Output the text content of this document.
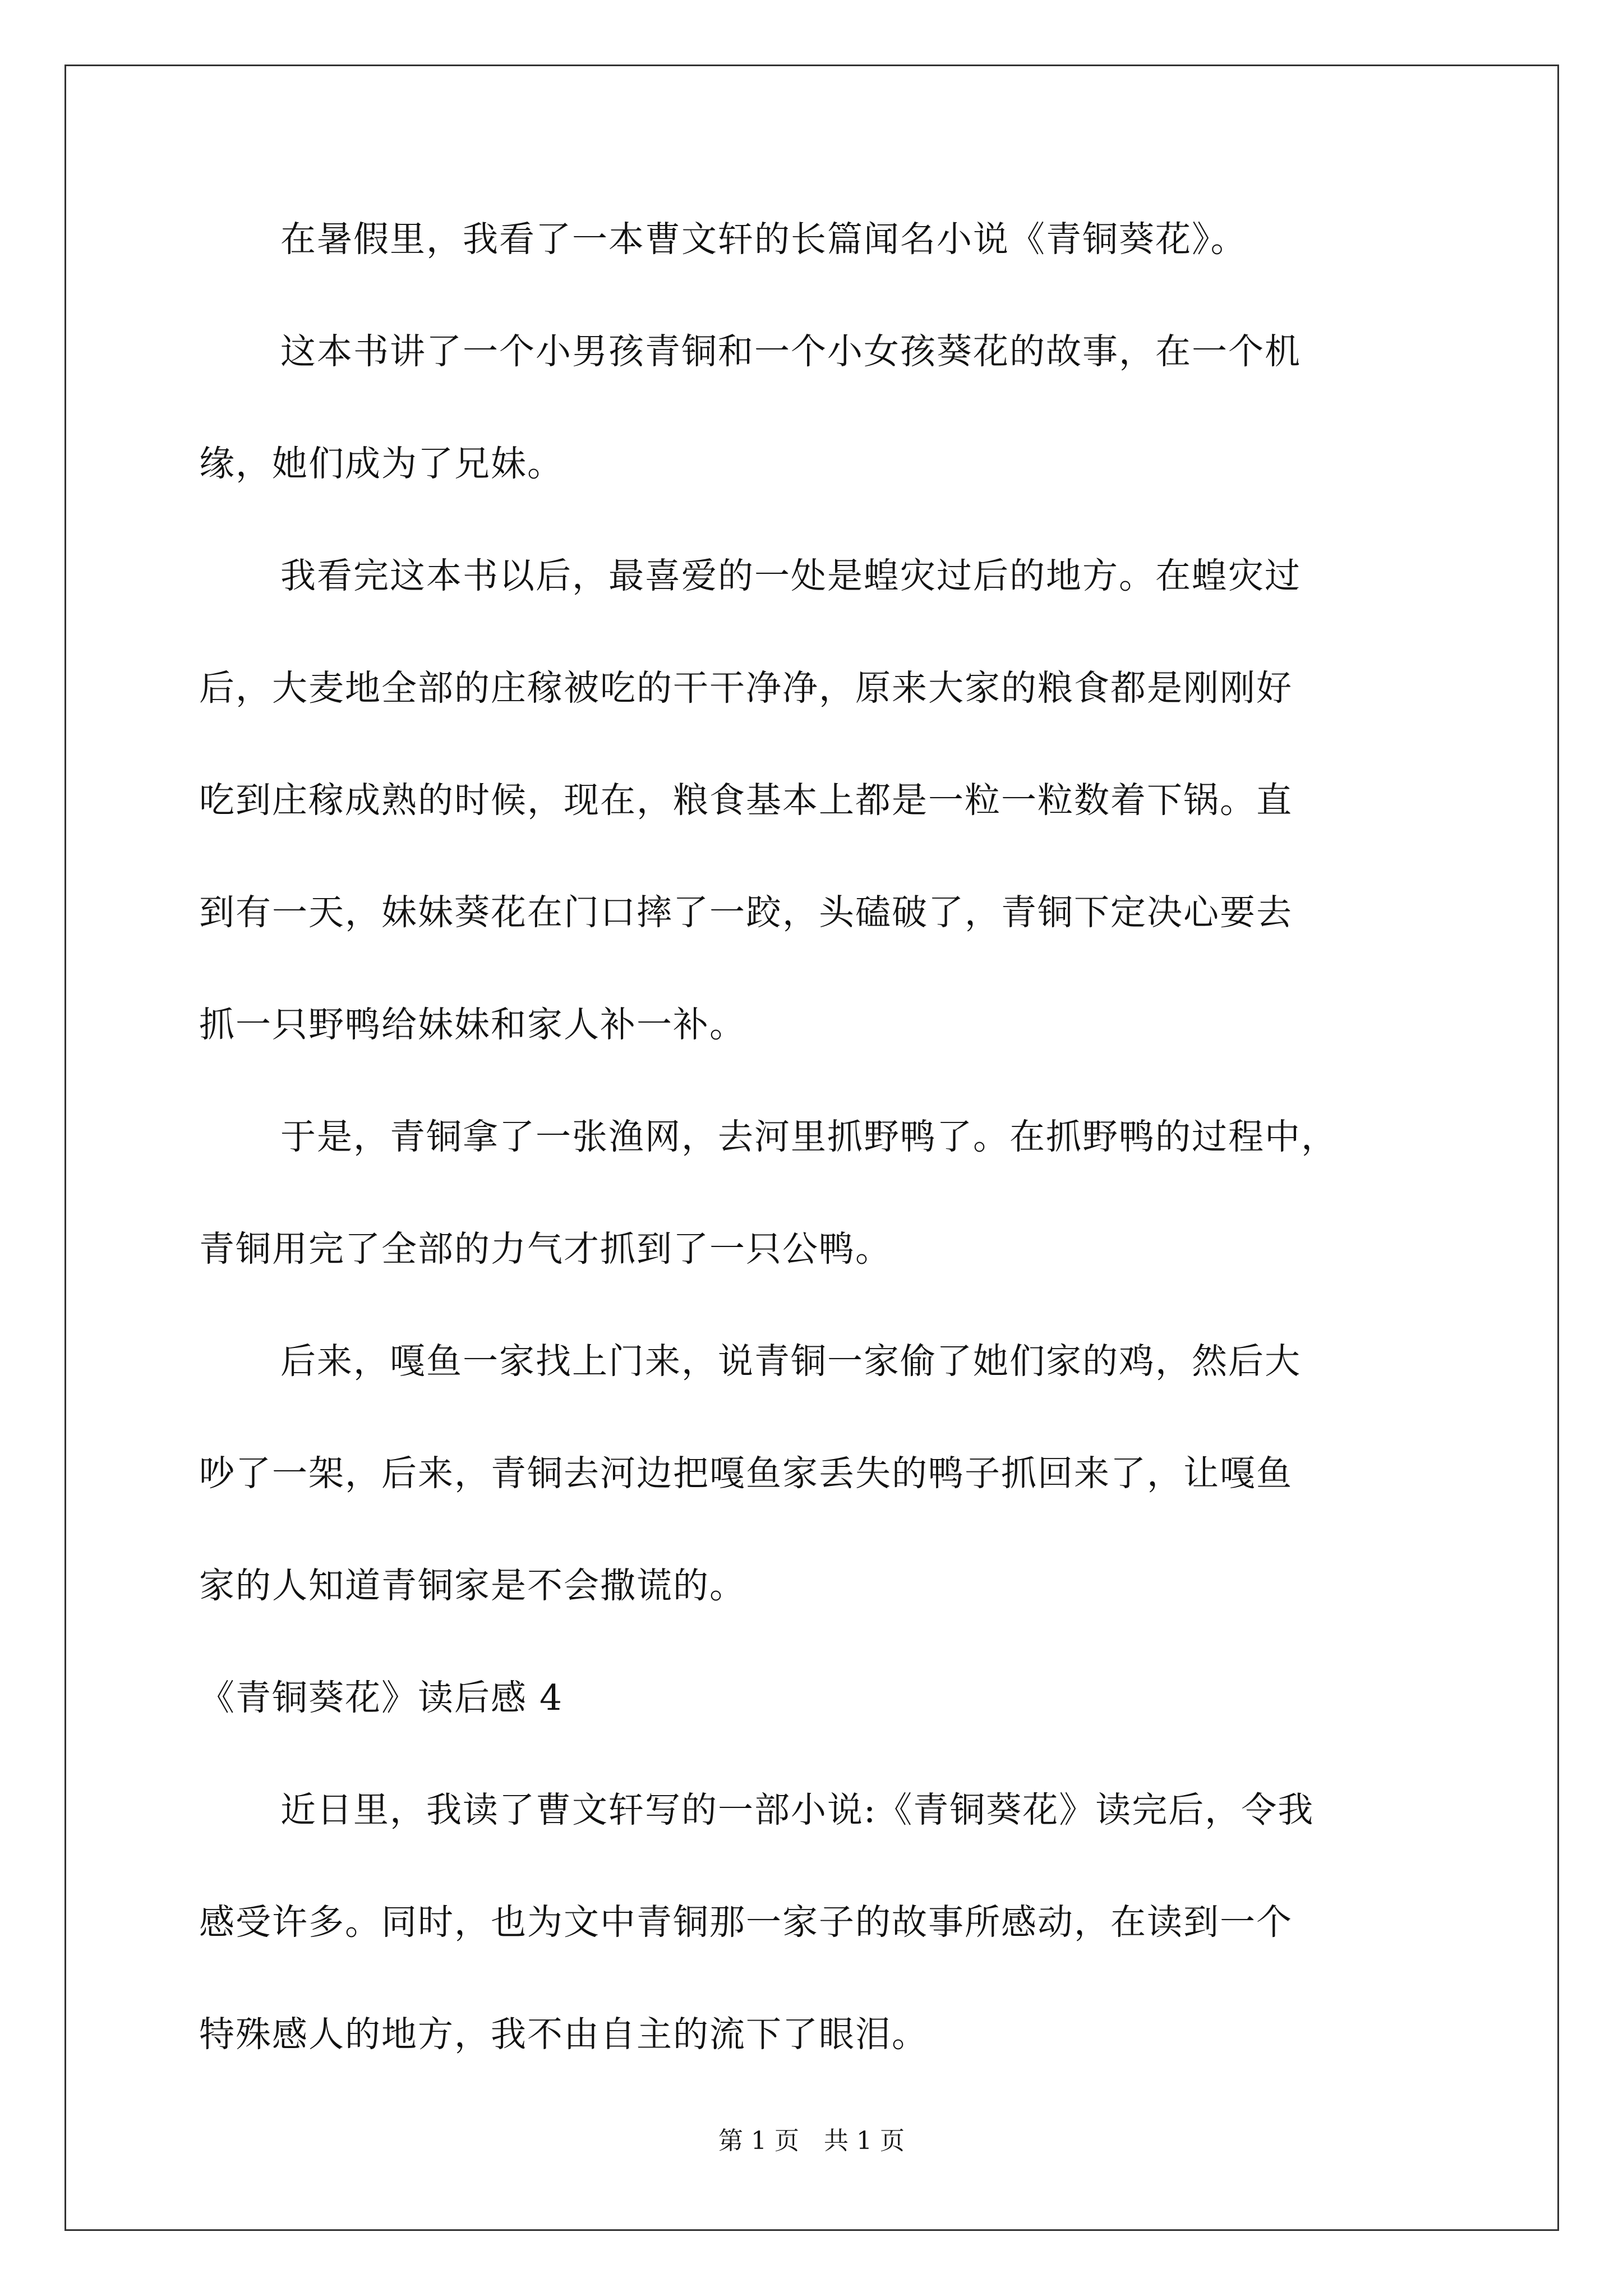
在暑假里，我看了一本曹文轩的长篇闻名小说《青铜葵花》。
这本书讲了一个小男孩青铜和一个小女孩葵花的故事，在一个机
缘，她们成为了兄妹。
我看完这本书以后，最喜爱的一处是蝗灾过后的地方。在蝗灾过
后，大麦地全部的庄稼被吃的干干净净，原来大家的粮食都是刚刚好
吃到庄稼成熟的时候，现在，粮食基本上都是一粒一粒数着下锅。直
到有一天，妹妹葵花在门口摔了一跤，头磕破了，青铜下定决心要去
抓一只野鸭给妹妹和家人补一补。
于是，青铜拿了一张渔网，去河里抓野鸭了。在抓野鸭的过程中，
青铜用完了全部的力气才抓到了一只公鸭。
后来，嘎鱼一家找上门来，说青铜一家偷了她们家的鸡，然后大
吵了一架，后来，青铜去河边把嘎鱼家丢失的鸭子抓回来了，让嘎鱼
家的人知道青铜家是不会撒谎的。
《青铜葵花》读后感 4
近日里，我读了曹文轩写的一部小说:《青铜葵花》读完后，令我
感受许多。同时，也为文中青铜那一家子的故事所感动，在读到一个
特殊感人的地方，我不由自主的流下了眼泪。
第 1 页 共 1 页
